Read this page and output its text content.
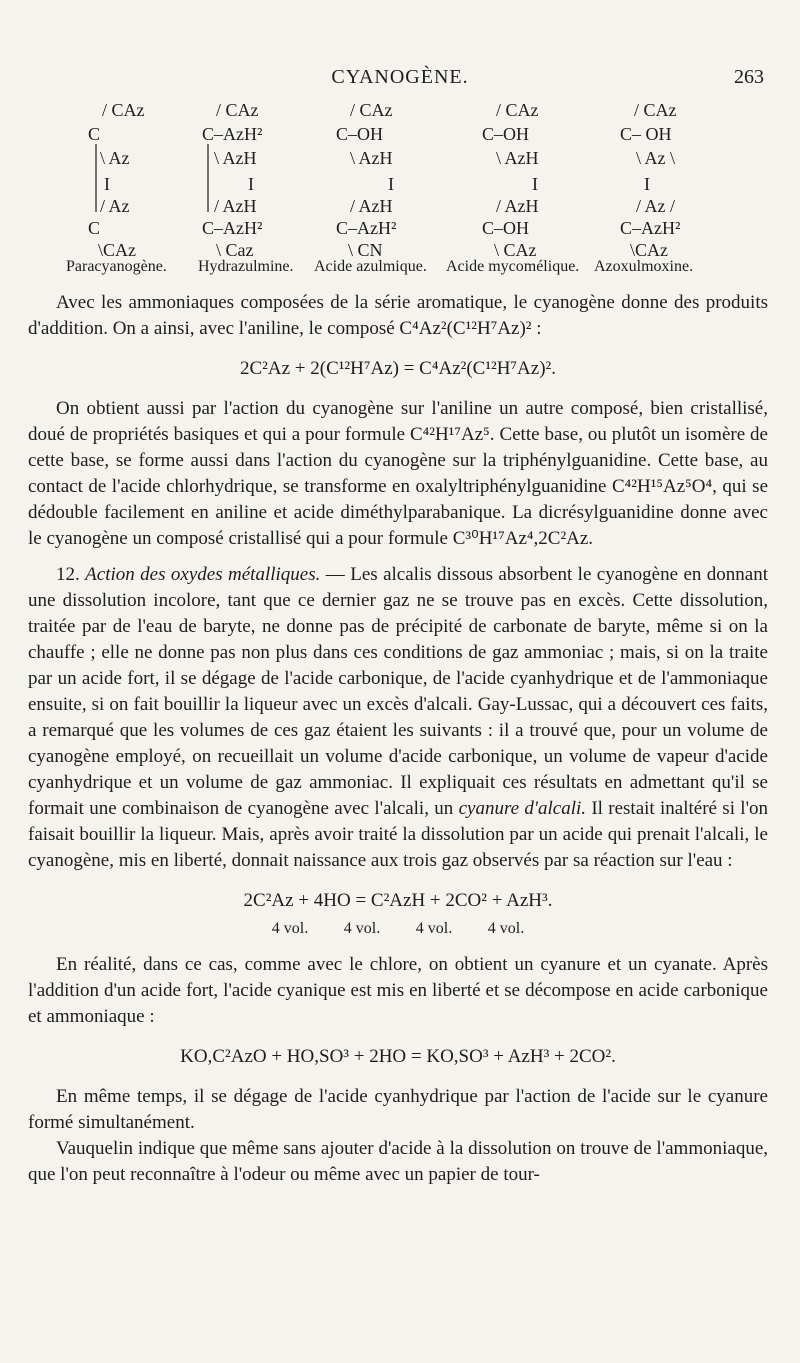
CYANOGÈNE.	263
/ CAz
C
\ Az
I
/ Az
C
\CAz
/ CAz
C–AzH²
\ AzH
I
/ AzH
C–AzH²
\ Caz
/ CAz
C–OH
\ AzH
I
/ AzH
C–AzH²
\ CN
/ CAz
C–OH
\ AzH
I
/ AzH
C–OH
\ CAz
/ CAz
C– OH
\ Az \
I
/ Az /
C–AzH²
\CAz
Paracyanogène. Hydrazulmine. Acide azulmique. Acide mycomélique. Azoxulmoxine.

Avec les ammoniaques composées de la série aromatique, le cyanogène donne des produits d'addition. On a ainsi, avec l'aniline, le composé C⁴Az²(C¹²H⁷Az)² :

2C²Az + 2(C¹²H⁷Az) = C⁴Az²(C¹²H⁷Az)².

On obtient aussi par l'action du cyanogène sur l'aniline un autre composé, bien cristallisé, doué de propriétés basiques et qui a pour formule C⁴²H¹⁷Az⁵. Cette base, ou plutôt un isomère de cette base, se forme aussi dans l'action du cyanogène sur la triphénylguanidine. Cette base, au contact de l'acide chlorhydrique, se transforme en oxalyltriphénylguanidine C⁴²H¹⁵Az⁵O⁴, qui se dédouble facilement en aniline et acide diméthylparabanique. La dicrésylguanidine donne avec le cyanogène un composé cristallisé qui a pour formule C³⁰H¹⁷Az⁴,2C²Az.

12. Action des oxydes métalliques. — Les alcalis dissous absorbent le cyanogène en donnant une dissolution incolore, tant que ce dernier gaz ne se trouve pas en excès. Cette dissolution, traitée par de l'eau de baryte, ne donne pas de précipité de carbonate de baryte, même si on la chauffe ; elle ne donne pas non plus dans ces conditions de gaz ammoniac ; mais, si on la traite par un acide fort, il se dégage de l'acide carbonique, de l'acide cyanhydrique et de l'ammoniaque ensuite, si on fait bouillir la liqueur avec un excès d'alcali. Gay-Lussac, qui a découvert ces faits, a remarqué que les volumes de ces gaz étaient les suivants : il a trouvé que, pour un volume de cyanogène employé, on recueillait un volume d'acide carbonique, un volume de vapeur d'acide cyanhydrique et un volume de gaz ammoniac. Il expliquait ces résultats en admettant qu'il se formait une combinaison de cyanogène avec l'alcali, un cyanure d'alcali. Il restait inaltéré si l'on faisait bouillir la liqueur. Mais, après avoir traité la dissolution par un acide qui prenait l'alcali, le cyanogène, mis en liberté, donnait naissance aux trois gaz observés par sa réaction sur l'eau :

2C²Az + 4HO = C²AzH + 2CO² + AzH³.

4 vol. 4 vol. 4 vol. 4 vol.

En réalité, dans ce cas, comme avec le chlore, on obtient un cyanure et un cyanate. Après l'addition d'un acide fort, l'acide cyanique est mis en liberté et se décompose en acide carbonique et ammoniaque :

KO,C²AzO + HO,SO³ + 2HO = KO,SO³ + AzH³ + 2CO².

En même temps, il se dégage de l'acide cyanhydrique par l'action de l'acide sur le cyanure formé simultanément.

Vauquelin indique que même sans ajouter d'acide à la dissolution on trouve de l'ammoniaque, que l'on peut reconnaître à l'odeur ou même avec un papier de tour-
